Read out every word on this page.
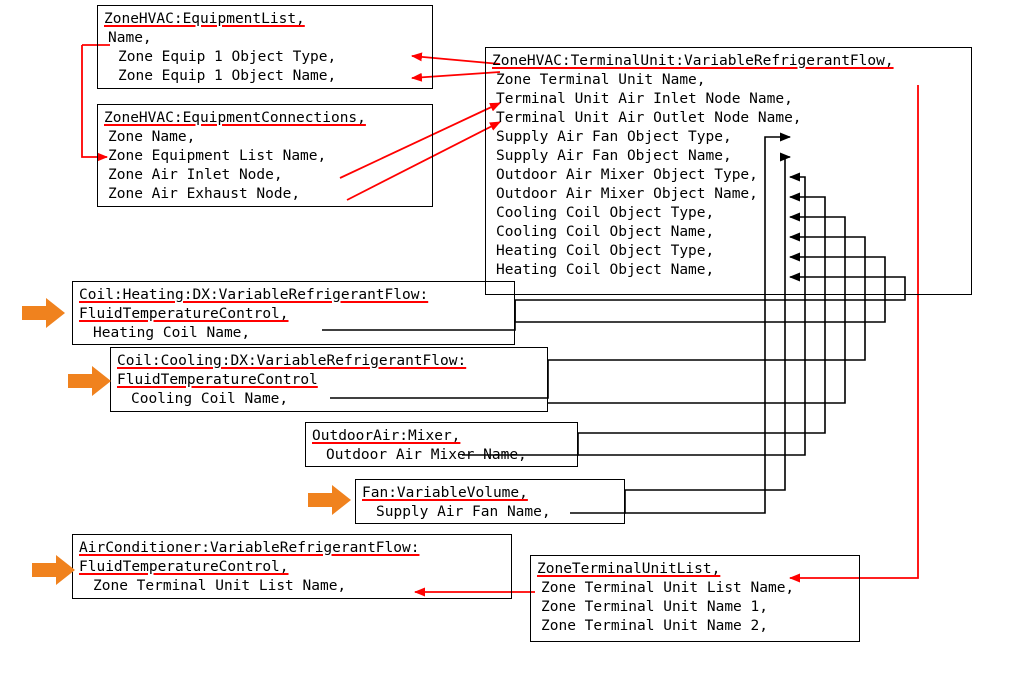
ZoneHVAC:EquipmentList,
Name,
Zone Equip 1 Object Type,
Zone Equip 1 Object Name,
ZoneHVAC:EquipmentConnections,
Zone Name,
Zone Equipment List Name,
Zone Air Inlet Node,
Zone Air Exhaust Node,
ZoneHVAC:TerminalUnit:VariableRefrigerantFlow,
Zone Terminal Unit Name,
Terminal Unit Air Inlet Node Name,
Terminal Unit Air Outlet Node Name,
Supply Air Fan Object Type,
Supply Air Fan Object Name,
Outdoor Air Mixer Object Type,
Outdoor Air Mixer Object Name,
Cooling Coil Object Type,
Cooling Coil Object Name,
Heating Coil Object Type,
Heating Coil Object Name,
Coil:Heating:DX:VariableRefrigerantFlow:
FluidTemperatureControl,
Heating Coil Name,
Coil:Cooling:DX:VariableRefrigerantFlow:
FluidTemperatureControl
Cooling Coil Name,
OutdoorAir:Mixer,
Outdoor Air Mixer Name,
Fan:VariableVolume,
Supply Air Fan Name,
AirConditioner:VariableRefrigerantFlow:
FluidTemperatureControl,
Zone Terminal Unit List Name,
ZoneTerminalUnitList,
Zone Terminal Unit List Name,
Zone Terminal Unit Name 1,
Zone Terminal Unit Name 2,
